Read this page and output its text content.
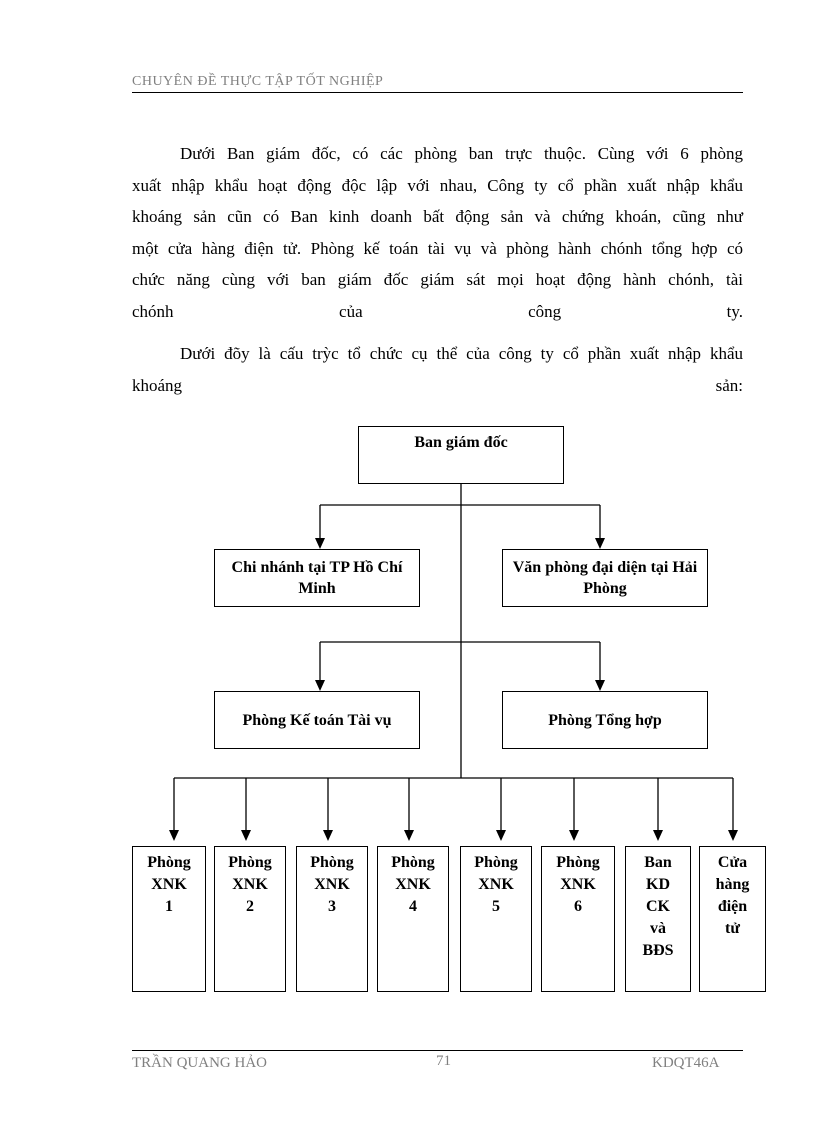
CHUYÊN ĐỀ THỰC TẬP TỐT NGHIỆP
Dưới Ban giám đốc, có các phòng ban trực thuộc. Cùng với 6 phòng
xuất nhập khẩu hoạt động độc lập với nhau, Công ty cổ phần xuất nhập khẩu
khoáng sản cũn có Ban kinh doanh bất động sản và chứng khoán, cũng như
một cửa hàng điện tử. Phòng kế toán tài vụ và phòng hành chónh tổng hợp có
chức năng cùng với ban giám đốc giám sát mọi hoạt động hành chónh, tài
chónh của công ty.
Dưới đõy là cấu trỳc tổ chức cụ thể của công ty cổ phần xuất nhập khẩu
khoáng sản:
Ban giám đốc
Chi nhánh tại TP Hồ Chí Minh
Văn phòng đại diện tại Hải Phòng
Phòng Kế toán Tài vụ	Phòng Tổng hợp
Phòng
XNK
1
Phòng
XNK
2
Phòng
XNK
3
Phòng
XNK
4
Phòng
XNK
5
Phòng
XNK
6
Ban
KD
CK
và
BĐS
Cửa
hàng
điện
tử
TRẦN QUANG HẢO	71	KDQT46A
